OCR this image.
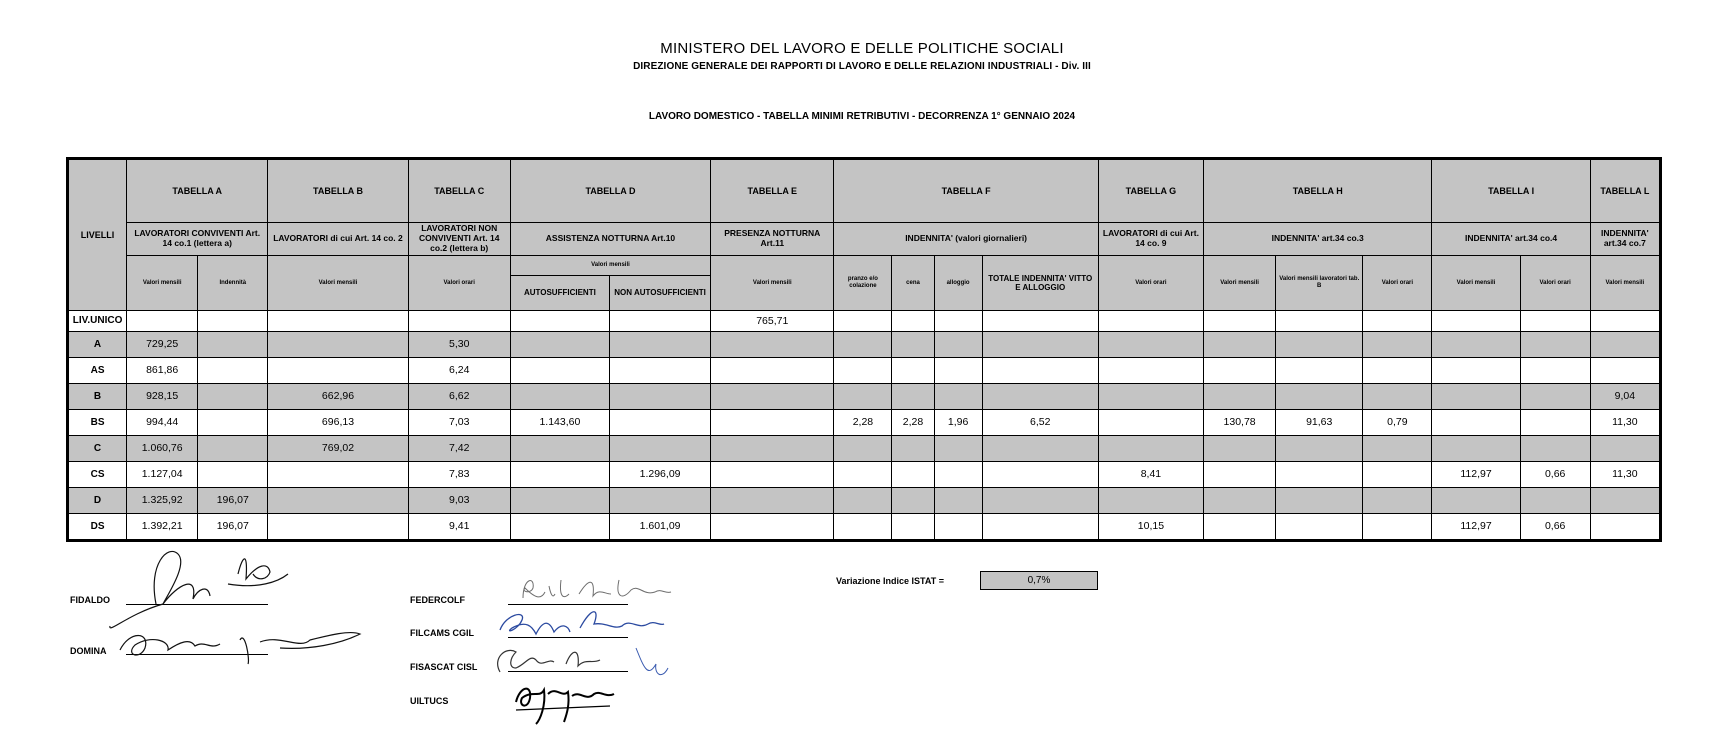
MINISTERO DEL LAVORO E DELLE POLITICHE SOCIALI
DIREZIONE GENERALE DEI RAPPORTI DI LAVORO E DELLE RELAZIONI INDUSTRIALI - Div. III
LAVORO DOMESTICO - TABELLA MINIMI RETRIBUTIVI - DECORRENZA 1° GENNAIO 2024
LIVELLI	TABELLA A		TABELLA B	TABELLA C	TABELLA D		TABELLA E	TABELLA F				TABELLA G	TABELLA H			TABELLA I		TABELLA L
	LAVORATORI CONVIVENTI Art. 14 co.1 (lettera a)		LAVORATORI di cui Art. 14 co. 2	LAVORATORI NON CONVIVENTI Art. 14 co.2 (lettera b)	ASSISTENZA NOTTURNA Art.10		PRESENZA NOTTURNA Art.11	INDENNITA' (valori giornalieri)				LAVORATORI di cui Art. 14 co. 9	INDENNITA' art.34 co.3			INDENNITA' art.34 co.4		INDENNITA' art.34 co.7
	Valori mensili	Indennità	Valori mensili	Valori orari	Valori mensili		Valori mensili	pranzo e/o colazione	cena	alloggio	TOTALE INDENNITA' VITTO E ALLOGGIO	Valori orari	Valori mensili	Valori mensili lavoratori tab. B	Valori orari	Valori mensili	Valori orari	Valori mensili
					AUTOSUFFICIENTI	NON AUTOSUFFICIENTI												
LIV.UNICO							765,71											
A	729,25			5,30														
AS	861,86			6,24														
B	928,15		662,96	6,62														9,04
BS	994,44		696,13	7,03	1.143,60			2,28	2,28	1,96	6,52		130,78	91,63	0,79			11,30
C	1.060,76		769,02	7,42														
CS	1.127,04			7,83		1.296,09						8,41				112,97	0,66	11,30
D	1.325,92	196,07		9,03														
DS	1.392,21	196,07		9,41		1.601,09						10,15				112,97	0,66	
FIDALDO
DOMINA
FEDERCOLF
FILCAMS CGIL
FISASCAT CISL
UILTUCS
Variazione Indice ISTAT =	0,7%
